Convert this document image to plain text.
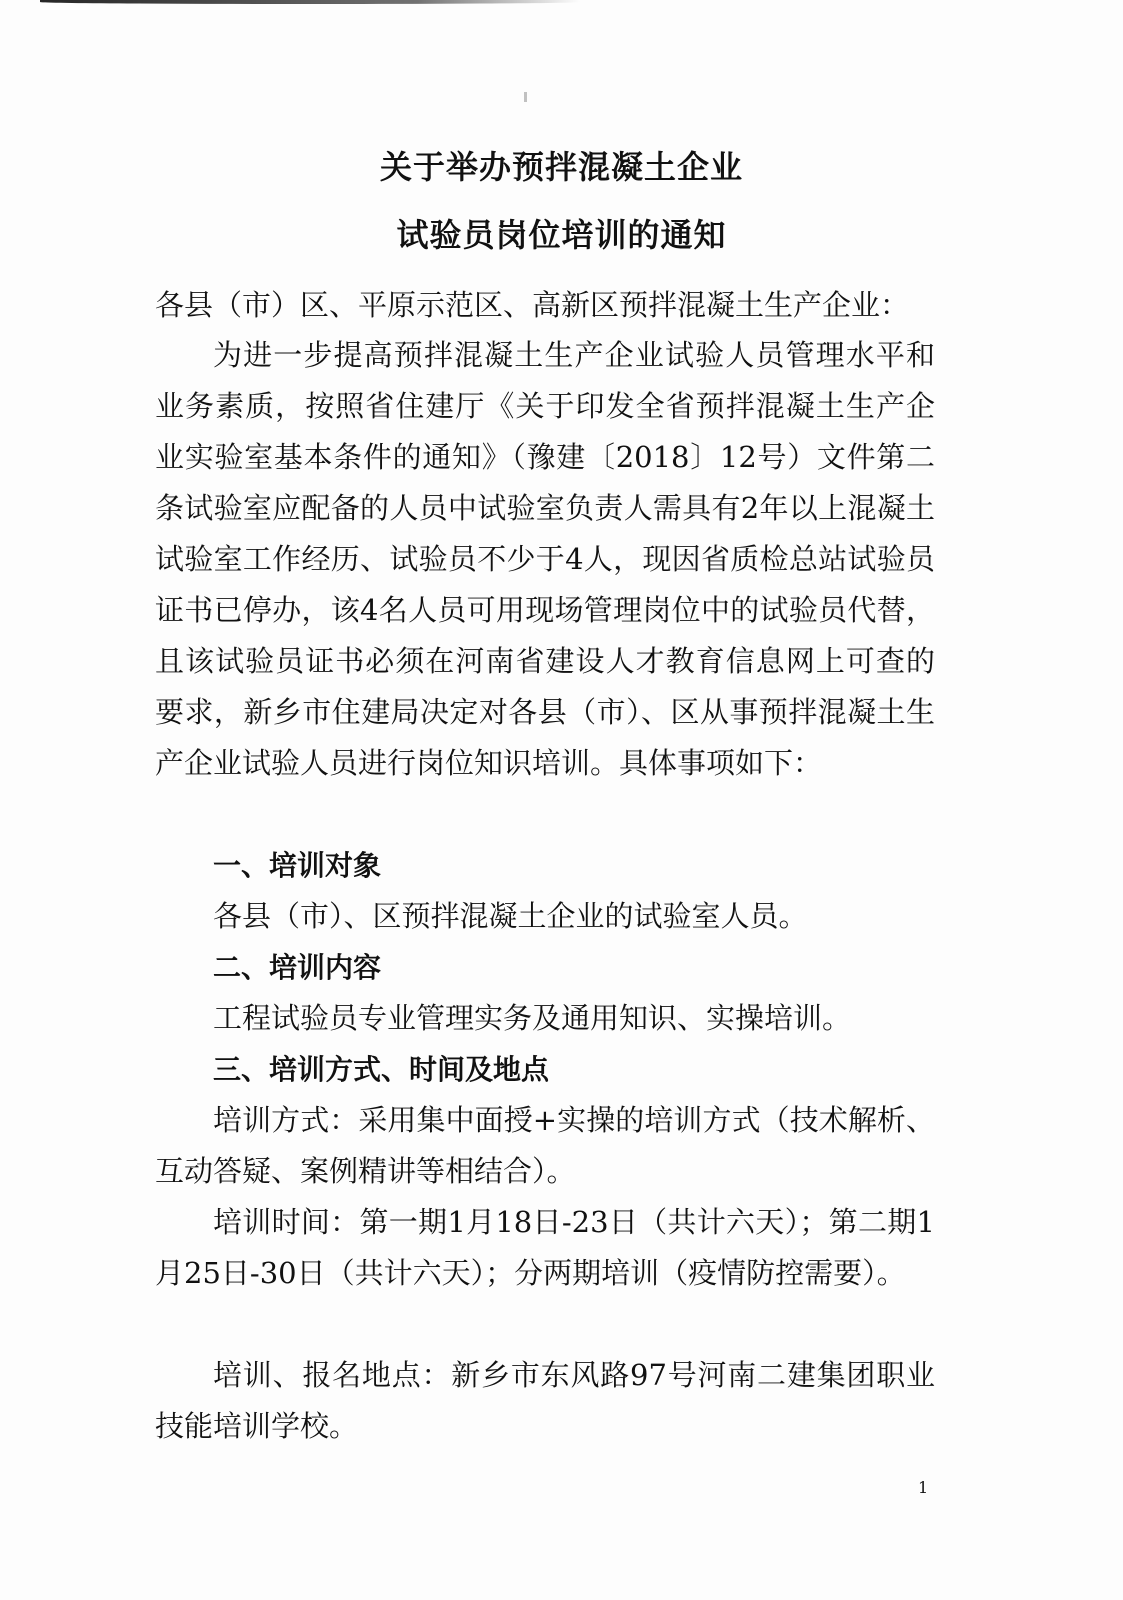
关于举办预拌混凝土企业
试验员岗位培训的通知

各县（市）区、平原示范区、高新区预拌混凝土生产企业：

为进一步提高预拌混凝土生产企业试验人员管理水平和业务素质，按照省住建厅《关于印发全省预拌混凝土生产企业实验室基本条件的通知》（豫建〔2018〕12号）文件第二条试验室应配备的人员中试验室负责人需具有2年以上混凝土试验室工作经历、试验员不少于4人，现因省质检总站试验员证书已停办，该4名人员可用现场管理岗位中的试验员代替，且该试验员证书必须在河南省建设人才教育信息网上可查的要求，新乡市住建局决定对各县（市）、区从事预拌混凝土生产企业试验人员进行岗位知识培训。具体事项如下：

一、培训对象

各县（市）、区预拌混凝土企业的试验室人员。

二、培训内容

工程试验员专业管理实务及通用知识、实操培训。

三、培训方式、时间及地点

培训方式：采用集中面授+实操的培训方式（技术解析、互动答疑、案例精讲等相结合）。

培训时间：第一期1月18日-23日（共计六天）；第二期1月25日-30日（共计六天）；分两期培训（疫情防控需要）。

培训、报名地点：新乡市东风路97号河南二建集团职业技能培训学校。

1
